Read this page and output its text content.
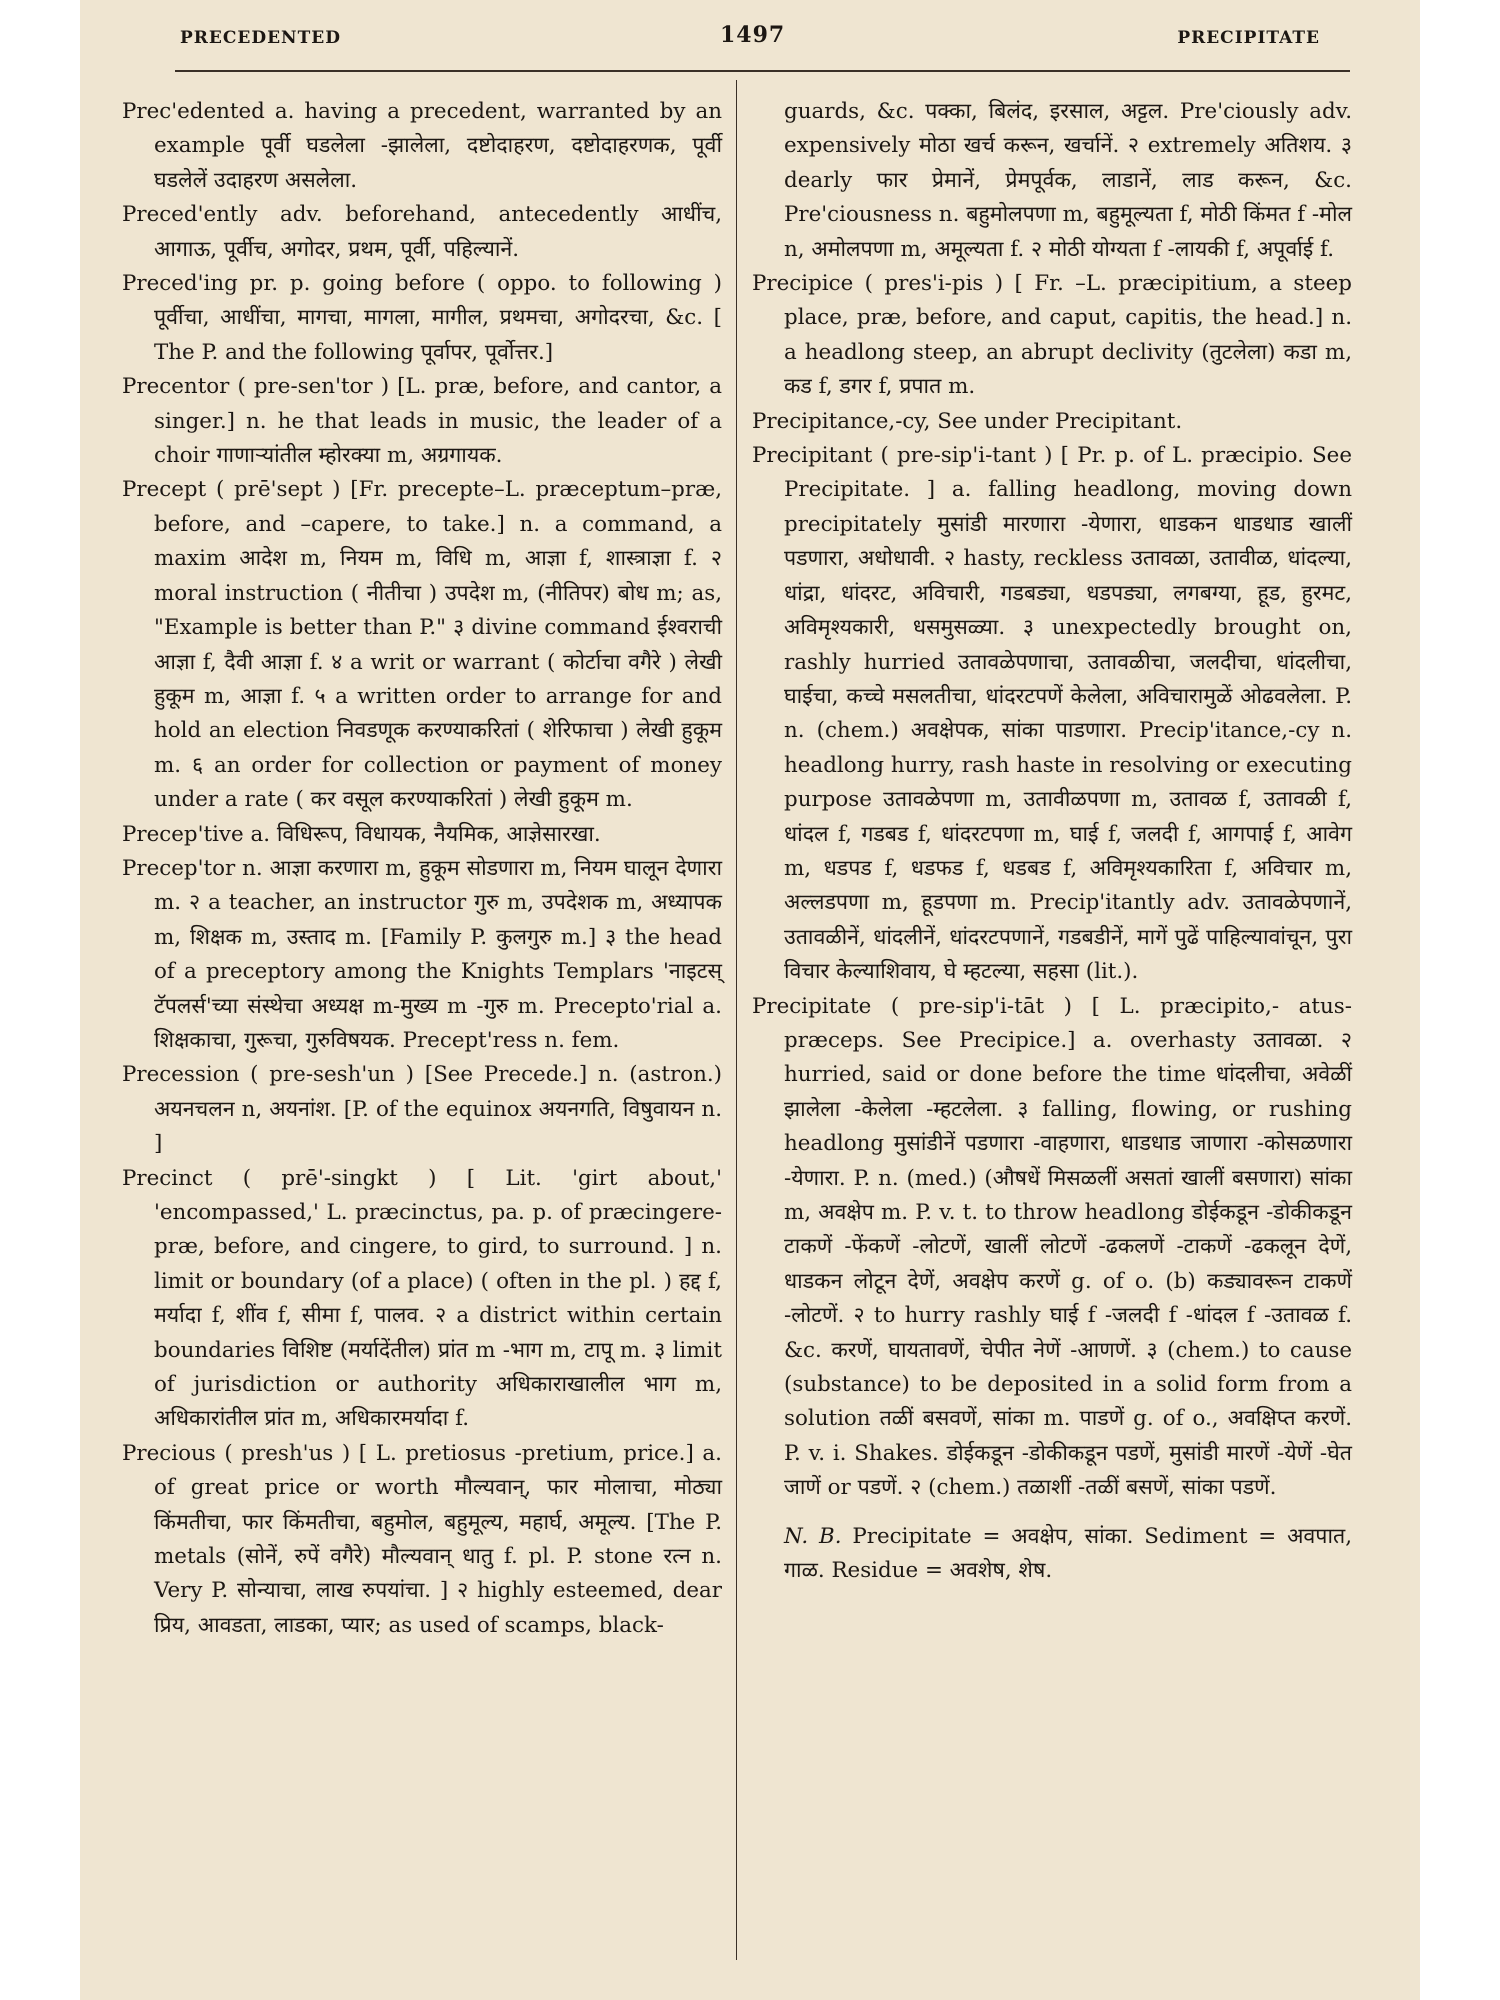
PRECEDENTED	1497	PRECIPITATE

Prec'edented a. having a precedent, warranted by an example पूर्वी घडलेला -झालेला, दष्टोदाहरण, दष्टोदाहरणक, पूर्वी घडलेलें उदाहरण असलेला.

Preced'ently adv. beforehand, antecedently आधींच, आगाऊ, पूर्वीच, अगोदर, प्रथम, पूर्वी, पहिल्यानें.

Preced'ing pr. p. going before ( oppo. to following ) पूर्वीचा, आधींचा, मागचा, मागला, मागील, प्रथमचा, अगोदरचा, &c. [ The P. and the following पूर्वापर, पूर्वोत्तर.]

Precentor ( pre-sen'tor ) [L. præ, before, and cantor, a singer.] n. he that leads in music, the leader of a choir गाणाऱ्यांतील म्होरक्या m, अग्रगायक.

Precept ( prē'sept ) [Fr. precepte–L. præceptum–præ, before, and –capere, to take.] n. a command, a maxim आदेश m, नियम m, विधि m, आज्ञा f, शास्त्राज्ञा f. २ moral instruction ( नीतीचा ) उपदेश m, (नीतिपर) बोध m; as, "Example is better than P." ३ divine command ईश्वराची आज्ञा f, दैवी आज्ञा f. ४ a writ or warrant ( कोर्टाचा वगैरे ) लेखी हुकूम m, आज्ञा f. ५ a written order to arrange for and hold an election निवडणूक करण्याकरितां ( शेरिफाचा ) लेखी हुकूम m. ६ an order for collection or payment of money under a rate ( कर वसूल करण्याकरितां ) लेखी हुकूम m.

Precep'tive a. विधिरूप, विधायक, नैयमिक, आज्ञेसारखा.

Precep'tor n. आज्ञा करणारा m, हुकूम सोडणारा m, नियम घालून देणारा m. २ a teacher, an instructor गुरु m, उपदेशक m, अध्यापक m, शिक्षक m, उस्ताद m. [Family P. कुलगुरु m.] ३ the head of a preceptory among the Knights Templars 'नाइटस् टॅपलर्स'च्या संस्थेचा अध्यक्ष m-मुख्य m -गुरु m. Precepto'rial a. शिक्षकाचा, गुरूचा, गुरुविषयक. Precept'ress n. fem.

Precession ( pre-sesh'un ) [See Precede.] n. (astron.) अयनचलन n, अयनांश. [P. of the equinox अयनगति, विषुवायन n. ]

Precinct ( prē'-singkt ) [ Lit. 'girt about,' 'encompassed,' L. præcinctus, pa. p. of præcingere-præ, before, and cingere, to gird, to surround. ] n. limit or boundary (of a place) ( often in the pl. ) हद्द f, मर्यादा f, शींव f, सीमा f, पालव. २ a district within certain boundaries विशिष्ट (मर्यादेंतील) प्रांत m -भाग m, टापू m. ३ limit of jurisdiction or authority अधिकाराखालील भाग m, अधिकारांतील प्रांत m, अधिकारमर्यादा f.

Precious ( presh'us ) [ L. pretiosus -pretium, price.] a. of great price or worth मौल्यवान्, फार मोलाचा, मोठ्या किंमतीचा, फार किंमतीचा, बहुमोल, बहुमूल्य, महार्घ, अमूल्य. [The P. metals (सोनें, रुपें वगैरे) मौल्यवान् धातु f. pl. P. stone रत्न n. Very P. सोन्याचा, लाख रुपयांचा. ] २ highly esteemed, dear प्रिय, आवडता, लाडका, प्यार; as used of scamps, black-

guards, &c. पक्का, बिलंद, इरसाल, अट्टल. Pre'ciously adv. expensively मोठा खर्च करून, खर्चानें. २ extremely अतिशय. ३ dearly फार प्रेमानें, प्रेमपूर्वक, लाडानें, लाड करून, &c. Pre'ciousness n. बहुमोलपणा m, बहुमूल्यता f, मोठी किंमत f -मोल n, अमोलपणा m, अमूल्यता f. २ मोठी योग्यता f -लायकी f, अपूर्वाई f.

Precipice ( pres'i-pis ) [ Fr. –L. præcipitium, a steep place, præ, before, and caput, capitis, the head.] n. a headlong steep, an abrupt declivity (तुटलेला) कडा m, कड f, डगर f, प्रपात m.

Precipitance,-cy, See under Precipitant.

Precipitant ( pre-sip'i-tant ) [ Pr. p. of L. præcipio. See Precipitate. ] a. falling headlong, moving down precipitately मुसांडी मारणारा -येणारा, धाडकन धाडधाड खालीं पडणारा, अधोधावी. २ hasty, reckless उतावळा, उतावीळ, धांदल्या, धांद्रा, धांदरट, अविचारी, गडबड्या, धडपड्या, लगबग्या, हूड, हुरमट, अविमृश्यकारी, धसमुसळ्या. ३ unexpectedly brought on, rashly hurried उतावळेपणाचा, उतावळीचा, जलदीचा, धांदलीचा, घाईचा, कच्चे मसलतीचा, धांदरटपणें केलेला, अविचारामुळें ओढवलेला. P. n. (chem.) अवक्षेपक, सांका पाडणारा. Precip'itance,-cy n. headlong hurry, rash haste in resolving or executing purpose उतावळेपणा m, उतावीळपणा m, उतावळ f, उतावळी f, धांदल f, गडबड f, धांदरटपणा m, घाई f, जलदी f, आगपाई f, आवेग m, धडपड f, धडफड f, धडबड f, अविमृश्यकारिता f, अविचार m, अल्लडपणा m, हूडपणा m. Precip'itantly adv. उतावळेपणानें, उतावळीनें, धांदलीनें, धांदरटपणानें, गडबडीनें, मागें पुढें पाहिल्यावांचून, पुरा विचार केल्याशिवाय, घे म्हटल्या, सहसा (lit.).

Precipitate ( pre-sip'i-tāt ) [ L. præcipito,- atus- præceps. See Precipice.] a. overhasty उतावळा. २ hurried, said or done before the time धांदलीचा, अवेळीं झालेला -केलेला -म्हटलेला. ३ falling, flowing, or rushing headlong मुसांडीनें पडणारा -वाहणारा, धाडधाड जाणारा -कोसळणारा -येणारा. P. n. (med.) (औषधें मिसळलीं असतां खालीं बसणारा) सांका m, अवक्षेप m. P. v. t. to throw headlong डोईकडून -डोकीकडून टाकणें -फेंकणें -लोटणें, खालीं लोटणें -ढकलणें -टाकणें -ढकलून देणें, धाडकन लोटून देणें, अवक्षेप करणें g. of o. (b) कड्यावरून टाकणें -लोटणें. २ to hurry rashly घाई f -जलदी f -धांदल f -उतावळ f. &c. करणें, घायतावणें, चेपीत नेणें -आणणें. ३ (chem.) to cause (substance) to be deposited in a solid form from a solution तळीं बसवणें, सांका m. पाडणें g. of o., अवक्षिप्त करणें. P. v. i. Shakes. डोईकडून -डोकीकडून पडणें, मुसांडी मारणें -येणें -घेत जाणें or पडणें. २ (chem.) तळाशीं -तळीं बसणें, सांका पडणें.

N. B. Precipitate = अवक्षेप, सांका. Sediment = अवपात, गाळ. Residue = अवशेष, शेष.
